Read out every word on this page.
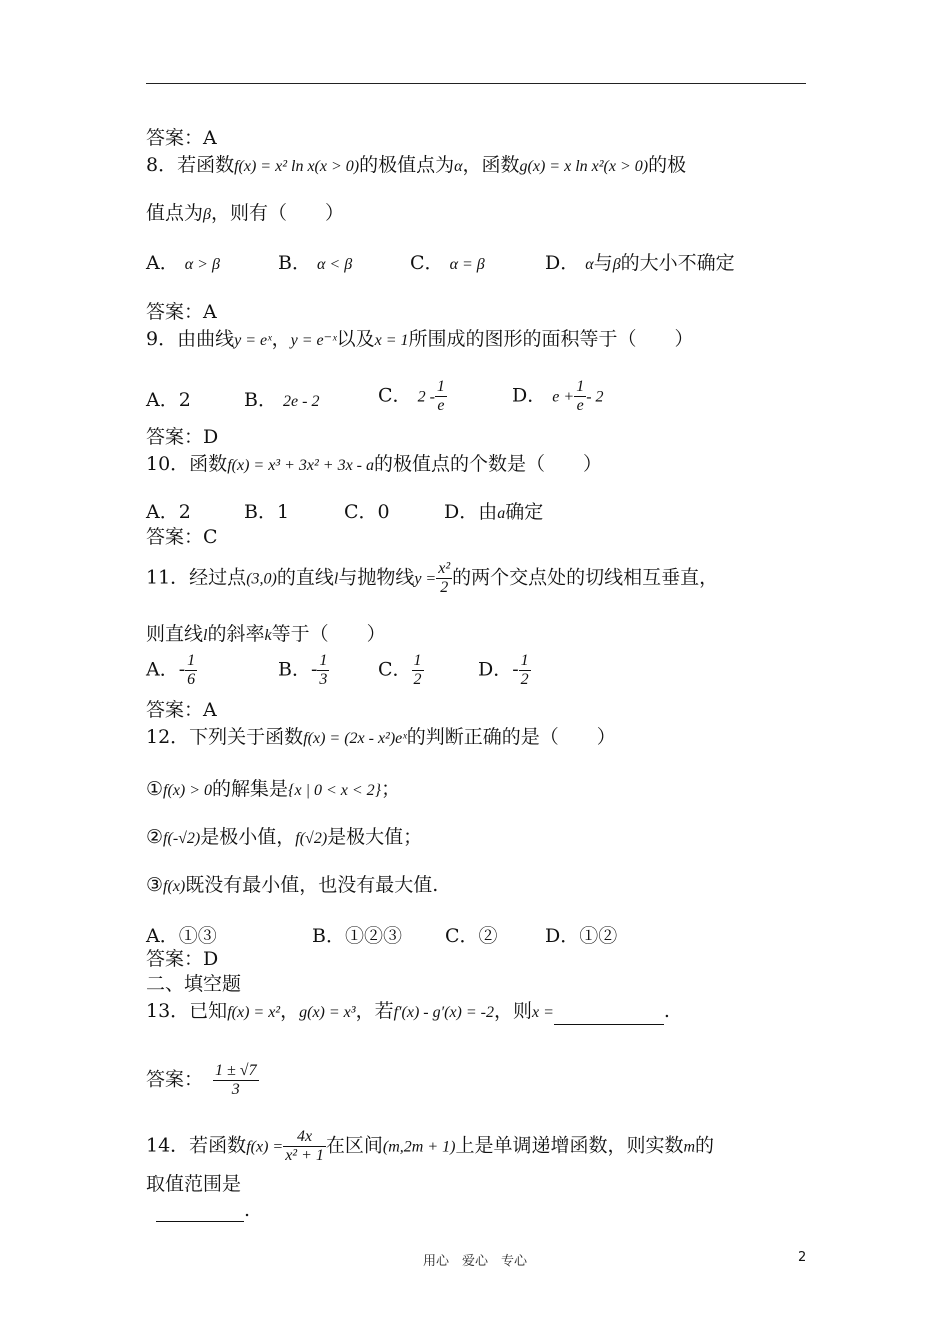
答案：A
8．若函数f(x) = x² ln x(x > 0)的极值点为α，函数g(x) = x ln x²(x > 0)的极
值点为β，则有（　　）
A． α > β	B． α < β	C． α = β	D． α与β的大小不确定
答案：A
9．由曲线y = eˣ，y = e⁻ˣ以及x = 1所围成的图形的面积等于（　　）
A．2	B． 2e - 2	C． $2 - \frac{1}{e}$	D． $e + \frac{1}{e} - 2$
答案：D
10．函数f(x) = x³ + 3x² + 3x - a的极值点的个数是（　　）
A．2	B．1	C．0	D．由a确定
答案：C
11．经过点(3,0)的直线l与抛物线$y = \frac{\text{x²}}{2}$ 的两个交点处的切线相互垂直，
则直线l的斜率k等于（　　）
A．- $\frac{1}{6}$	B．- $\frac{1}{3}$	C． $\frac{1}{2}$	D．- $\frac{1}{2}$
答案：A
12．下列关于函数f(x) = (2x - x²)eˣ的判断正确的是（　　）
①f(x) > 0的解集是{x | 0 < x < 2}；
②f(-√2)是极小值，f(√2)是极大值；
③f(x)既没有最小值，也没有最大值.
A．①③	B．①②③ C．② D．①②
答案：D
二、填空题
13．已知f(x) = x²，g(x) = x³，若f′(x) - g′(x) = -2，则x =	.
答案： $\frac{1 \pm √7}{3}$
14．若函数$f(x) = \frac{4x}{\text{x² + 1}}$ 在区间(m,2m + 1)上是单调递增函数，则实数m的
取值范围是
.
用心　爱心　专心	2
